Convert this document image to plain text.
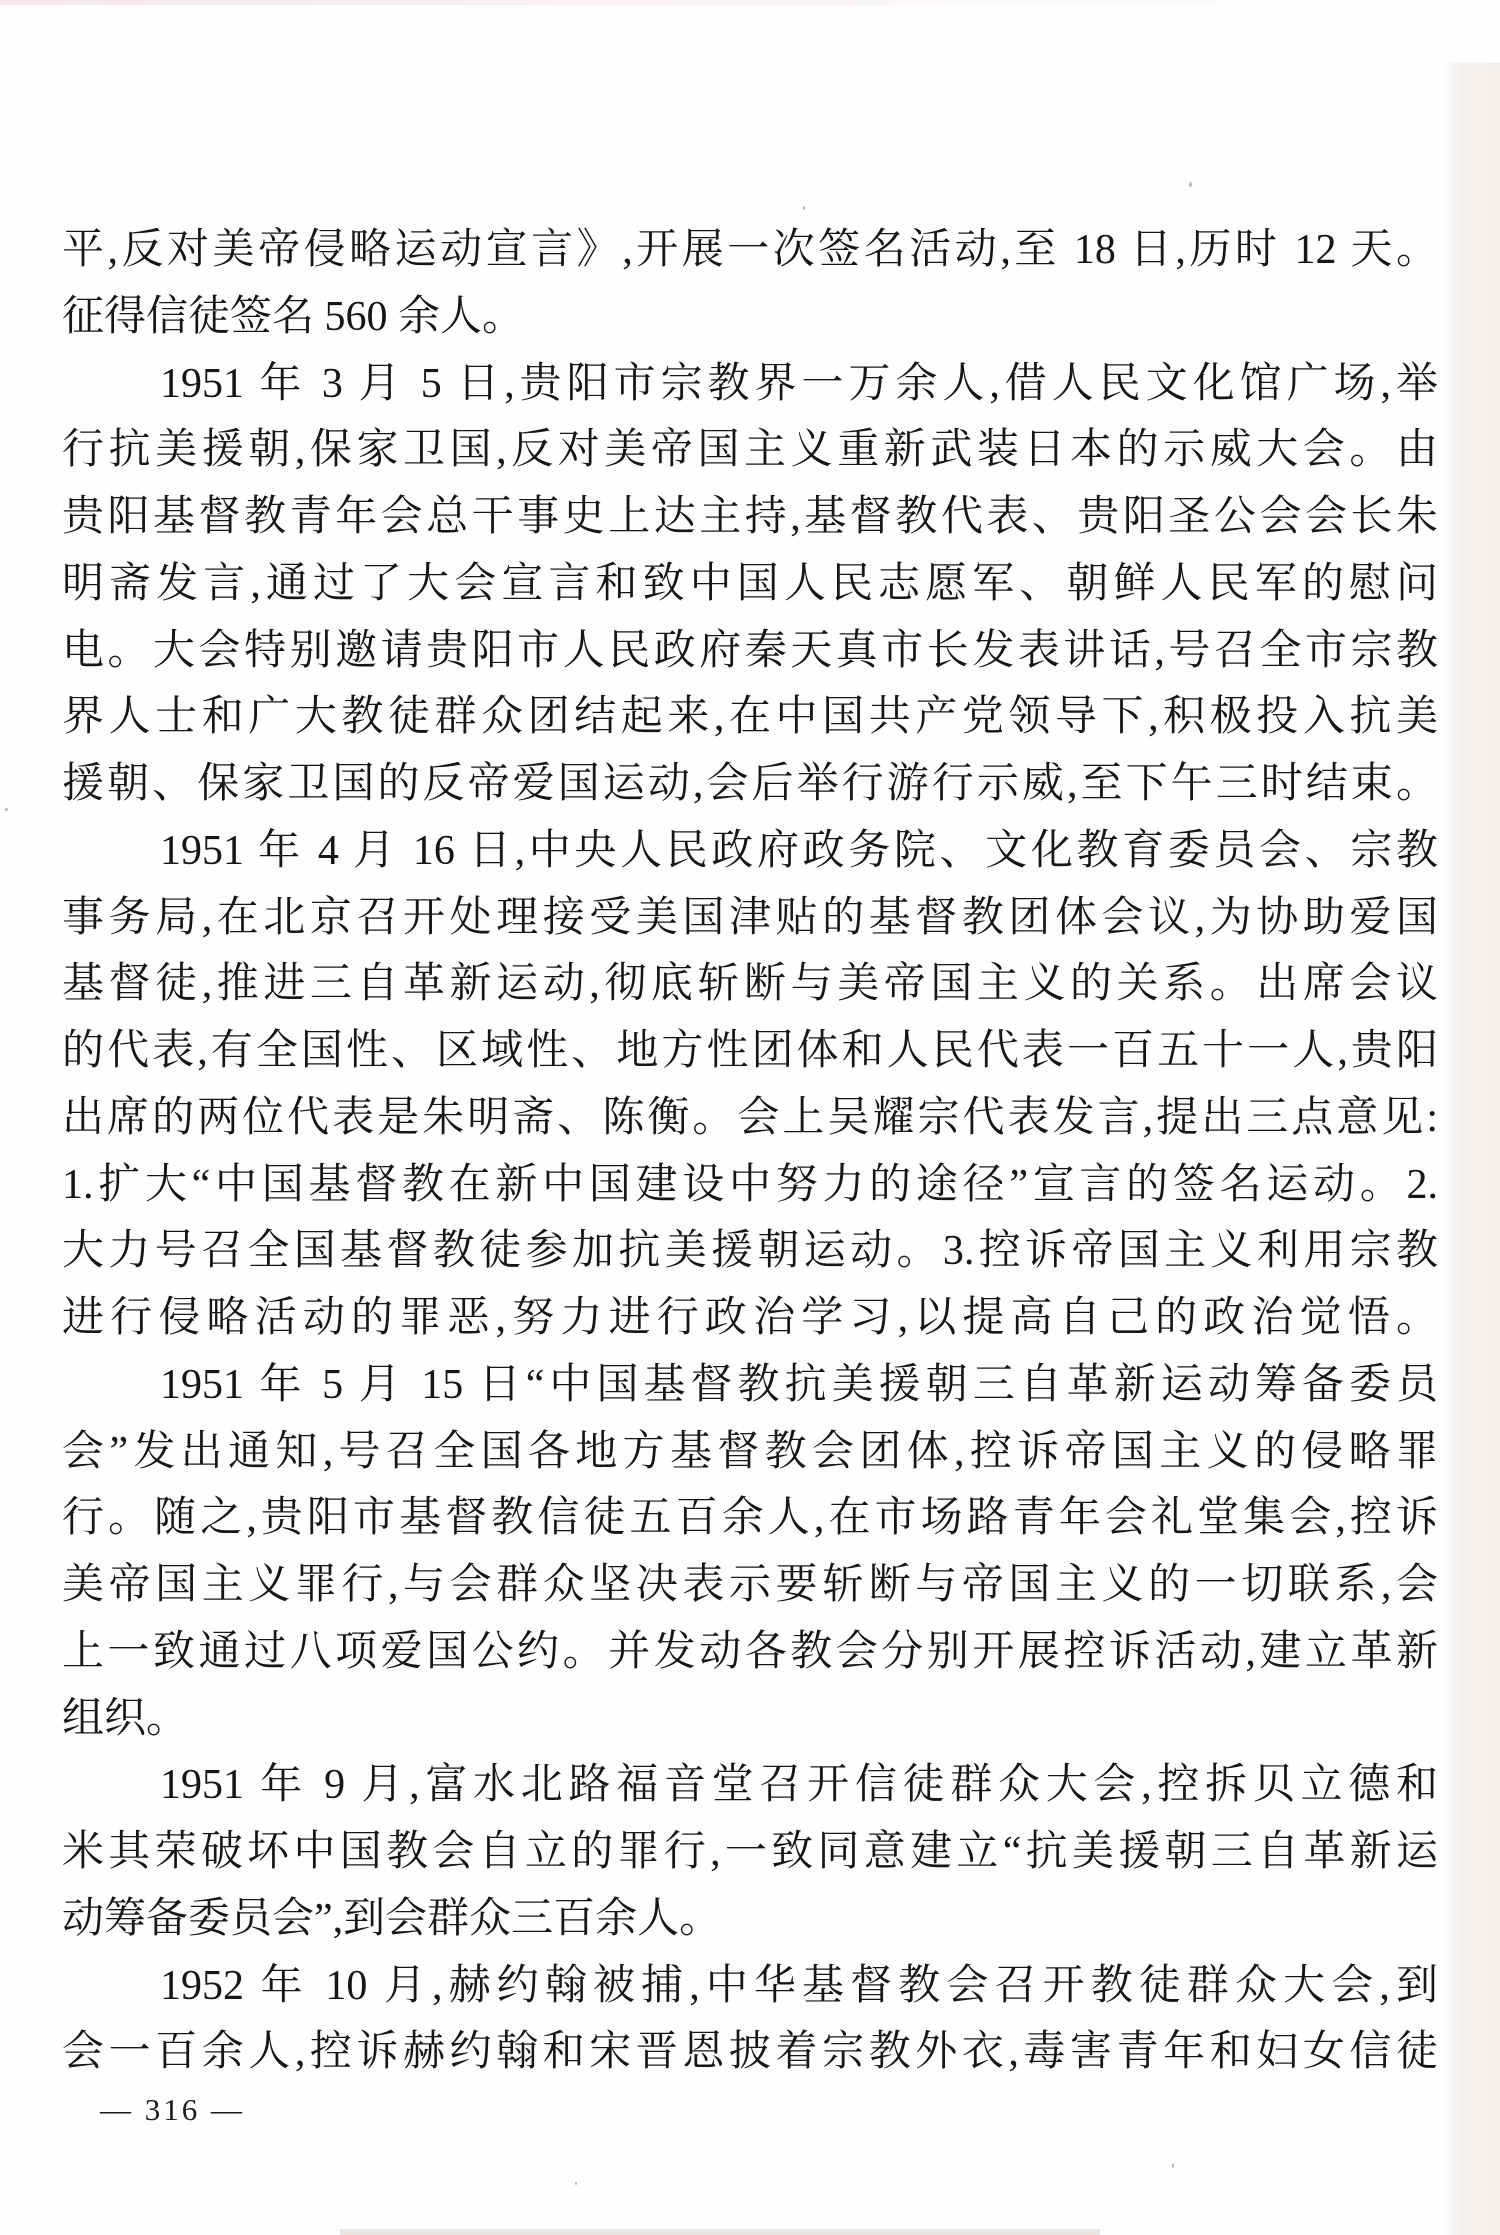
平,反对美帝侵略运动宣言》,开展一次签名活动,至 18 日,历时 12 天。
征得信徒签名 560 余人。
1951 年 3 月 5 日,贵阳市宗教界一万余人,借人民文化馆广场,举
行抗美援朝,保家卫国,反对美帝国主义重新武装日本的示威大会。由
贵阳基督教青年会总干事史上达主持,基督教代表、贵阳圣公会会长朱
明斋发言,通过了大会宣言和致中国人民志愿军、朝鲜人民军的慰问
电。大会特别邀请贵阳市人民政府秦天真市长发表讲话,号召全市宗教
界人士和广大教徒群众团结起来,在中国共产党领导下,积极投入抗美
援朝、保家卫国的反帝爱国运动,会后举行游行示威,至下午三时结束。
1951 年 4 月 16 日,中央人民政府政务院、文化教育委员会、宗教
事务局,在北京召开处理接受美国津贴的基督教团体会议,为协助爱国
基督徒,推进三自革新运动,彻底斩断与美帝国主义的关系。出席会议
的代表,有全国性、区域性、地方性团体和人民代表一百五十一人,贵阳
出席的两位代表是朱明斋、陈衡。会上吴耀宗代表发言,提出三点意见:
1.扩大“中国基督教在新中国建设中努力的途径”宣言的签名运动。2.
大力号召全国基督教徒参加抗美援朝运动。3.控诉帝国主义利用宗教
进行侵略活动的罪恶,努力进行政治学习,以提高自己的政治觉悟。
1951 年 5 月 15 日“中国基督教抗美援朝三自革新运动筹备委员
会”发出通知,号召全国各地方基督教会团体,控诉帝国主义的侵略罪
行。随之,贵阳市基督教信徒五百余人,在市场路青年会礼堂集会,控诉
美帝国主义罪行,与会群众坚决表示要斩断与帝国主义的一切联系,会
上一致通过八项爱国公约。并发动各教会分别开展控诉活动,建立革新
组织。
1951 年 9 月,富水北路福音堂召开信徒群众大会,控拆贝立德和
米其荣破坏中国教会自立的罪行,一致同意建立“抗美援朝三自革新运
动筹备委员会”,到会群众三百余人。
1952 年 10 月,赫约翰被捕,中华基督教会召开教徒群众大会,到
会一百余人,控诉赫约翰和宋晋恩披着宗教外衣,毒害青年和妇女信徒
— 316 —
